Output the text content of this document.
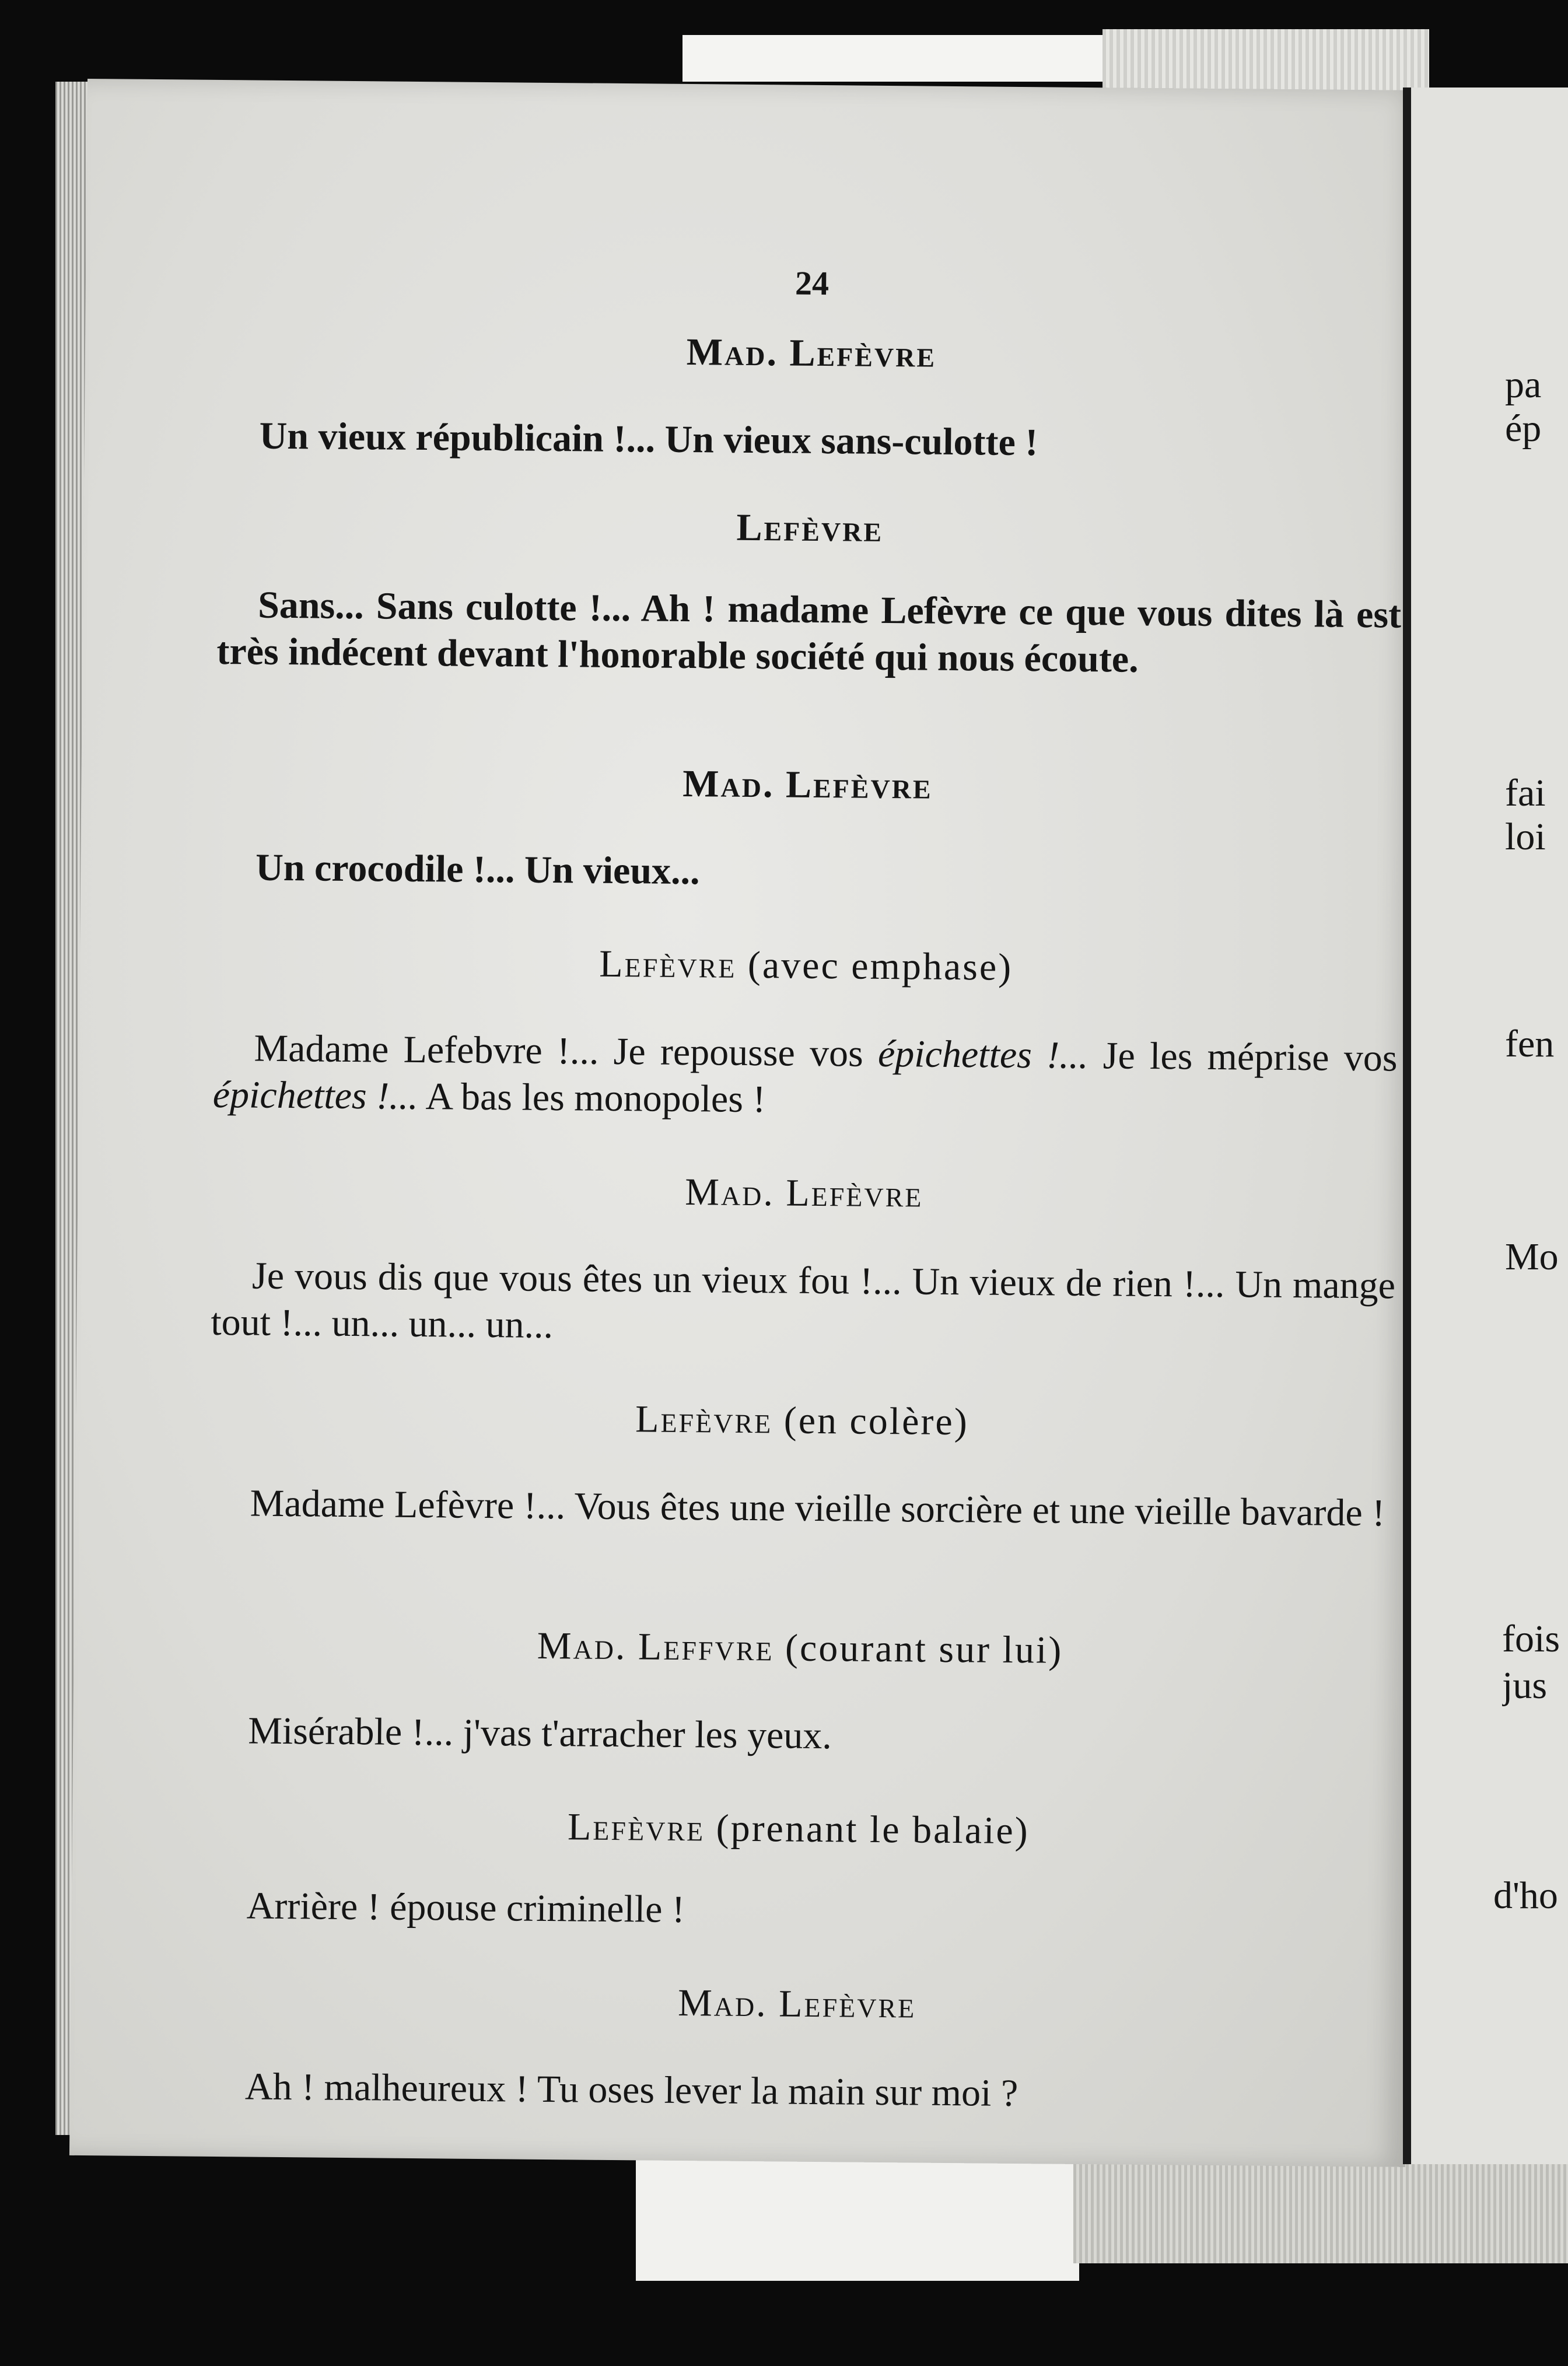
24
Mad. Lefèvre
Un vieux républicain !... Un vieux sans-culotte !
Lefèvre
Sans... Sans culotte !... Ah ! madame Lefèvre ce que vous dites là est très indécent devant l'honorable société qui nous écoute.
Mad. Lefèvre
Un crocodile !... Un vieux...
Lefèvre (avec emphase)
Madame Lefebvre !... Je repousse vos épichettes !... Je les méprise vos épichettes !... A bas les monopoles !
Mad. Lefèvre
Je vous dis que vous êtes un vieux fou !... Un vieux de rien !... Un mange tout !... un... un... un...
Lefèvre (en colère)
Madame Lefèvre !... Vous êtes une vieille sorcière et une vieille bavarde !
Mad. Leffvre (courant sur lui)
Misérable !... j'vas t'arracher les yeux.
Lefèvre (prenant le balaie)
Arrière ! épouse criminelle !
Mad. Lefèvre
Ah ! malheureux ! Tu oses lever la main sur moi ?
pa
ép
fai
loi
fen
Mo
fois
jus
d'ho
